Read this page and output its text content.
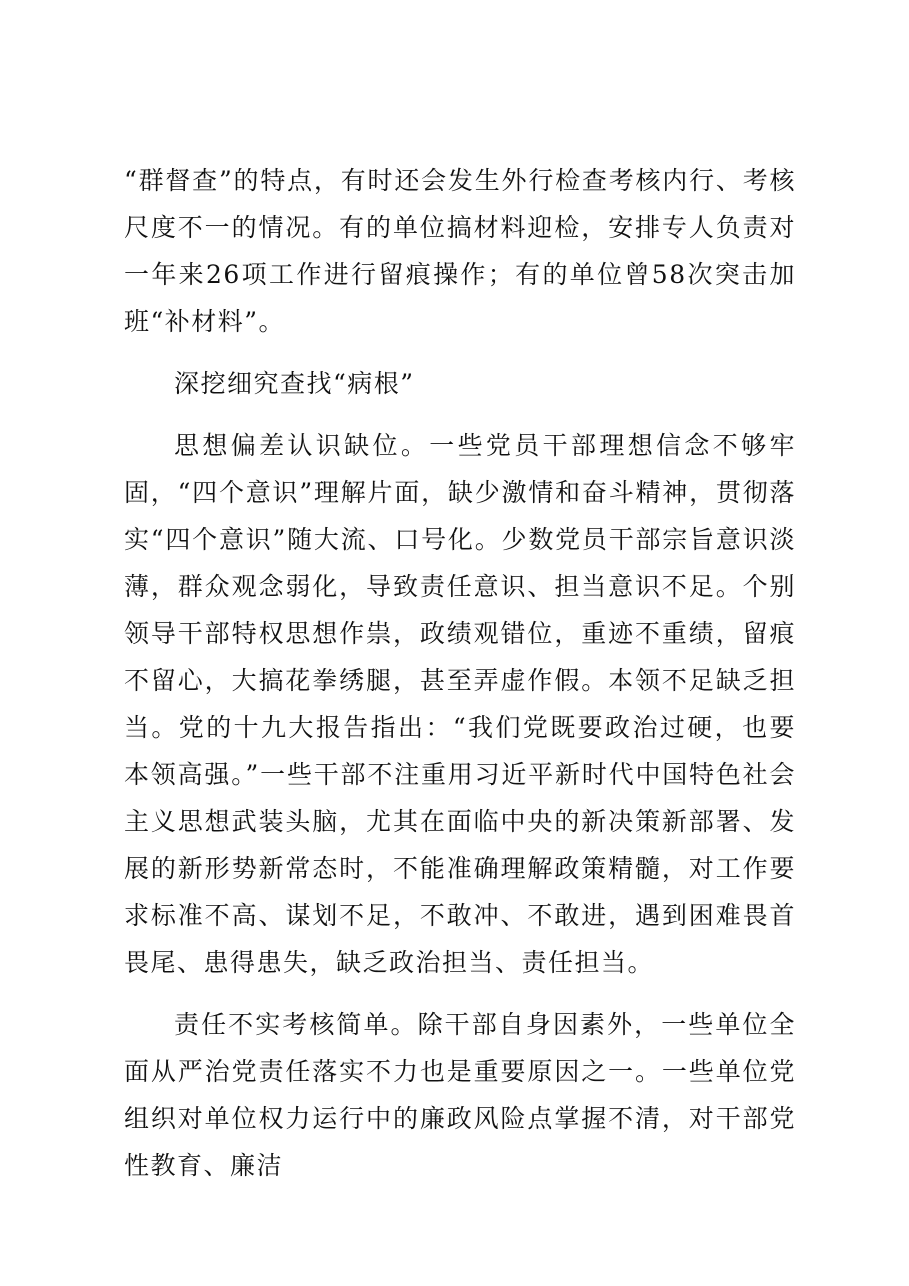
“群督查”的特点，有时还会发生外行检查考核内行、考核尺度不一的情况。有的单位搞材料迎检，安排专人负责对一年来26项工作进行留痕操作；有的单位曾58次突击加班“补材料”。

深挖细究查找“病根”

思想偏差认识缺位。一些党员干部理想信念不够牢固，“四个意识”理解片面，缺少激情和奋斗精神，贯彻落实“四个意识”随大流、口号化。少数党员干部宗旨意识淡薄，群众观念弱化，导致责任意识、担当意识不足。个别领导干部特权思想作祟，政绩观错位，重迹不重绩，留痕不留心，大搞花拳绣腿，甚至弄虚作假。本领不足缺乏担当。党的十九大报告指出：“我们党既要政治过硬，也要本领高强。”一些干部不注重用习近平新时代中国特色社会主义思想武装头脑，尤其在面临中央的新决策新部署、发展的新形势新常态时，不能准确理解政策精髓，对工作要求标准不高、谋划不足，不敢冲、不敢进，遇到困难畏首畏尾、患得患失，缺乏政治担当、责任担当。

责任不实考核简单。除干部自身因素外，一些单位全面从严治党责任落实不力也是重要原因之一。一些单位党组织对单位权力运行中的廉政风险点掌握不清，对干部党性教育、廉洁
